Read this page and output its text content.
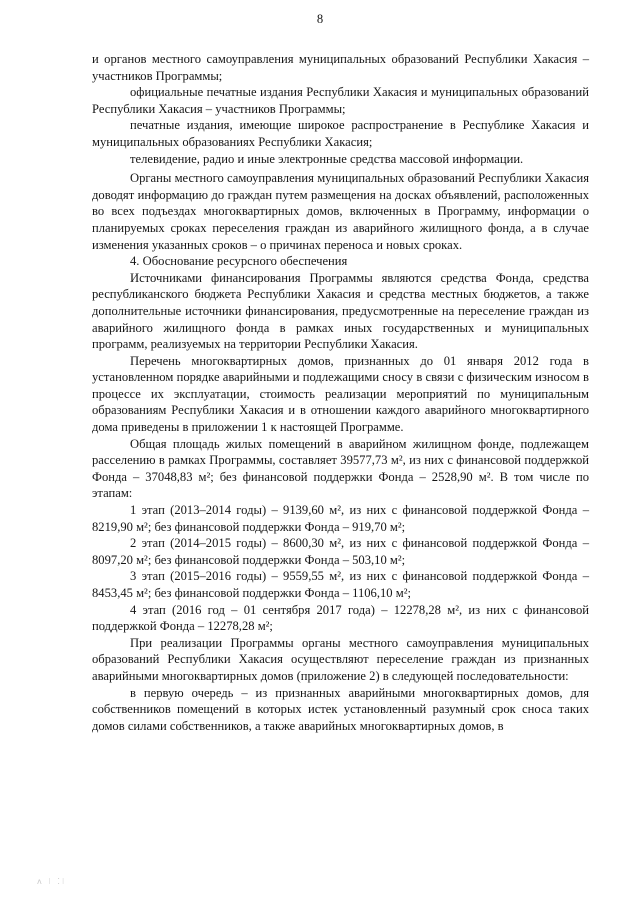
8

и органов местного самоуправления муниципальных образований Республики Хакасия – участников Программы;

официальные печатные издания Республики Хакасия и муниципальных образований Республики Хакасия – участников Программы;

печатные издания, имеющие широкое распространение в Республике Хакасия и муниципальных образованиях Республики Хакасия;

телевидение, радио и иные электронные средства массовой информации.

Органы местного самоуправления муниципальных образований Республики Хакасия доводят информацию до граждан путем размещения на досках объявлений, расположенных во всех подъездах многоквартирных домов, включенных в Программу, информации о планируемых сроках переселения граждан из аварийного жилищного фонда, а в случае изменения указанных сроков – о причинах переноса и новых сроках.

4. Обоснование ресурсного обеспечения

Источниками финансирования Программы являются средства Фонда, средства республиканского бюджета Республики Хакасия и средства местных бюджетов, а также дополнительные источники финансирования, предусмотренные на переселение граждан из аварийного жилищного фонда в рамках иных государственных и муниципальных программ, реализуемых на территории Республики Хакасия.

Перечень многоквартирных домов, признанных до 01 января 2012 года в установленном порядке аварийными и подлежащими сносу в связи с физическим износом в процессе их эксплуатации, стоимость реализации мероприятий по муниципальным образованиям Республики Хакасия и в отношении каждого аварийного многоквартирного дома приведены в приложении 1 к настоящей Программе.

Общая площадь жилых помещений в аварийном жилищном фонде, подлежащем расселению в рамках Программы, составляет 39577,73 м², из них с финансовой поддержкой Фонда – 37048,83 м²; без финансовой поддержки Фонда – 2528,90 м². В том числе по этапам:

1 этап (2013–2014 годы) – 9139,60 м², из них с финансовой поддержкой Фонда – 8219,90 м²; без финансовой поддержки Фонда – 919,70 м²;

2 этап (2014–2015 годы) – 8600,30 м², из них с финансовой поддержкой Фонда – 8097,20 м²; без финансовой поддержки Фонда – 503,10 м²;

3 этап (2015–2016 годы) – 9559,55 м², из них с финансовой поддержкой Фонда – 8453,45 м²; без финансовой поддержки Фонда – 1106,10 м²;

4 этап (2016 год – 01 сентября 2017 года) – 12278,28 м², из них с финансовой поддержкой Фонда – 12278,28 м²;

При реализации Программы органы местного самоуправления муниципальных образований Республики Хакасия осуществляют переселение граждан из признанных аварийными многоквартирных домов (приложение 2) в следующей последовательности:

в первую очередь – из признанных аварийными многоквартирных домов, для собственников помещений в которых истек установленный разумный срок сноса таких домов силами собственников, а также аварийных многоквартирных домов, в

ᴧ ⁝ ⁚⁝
